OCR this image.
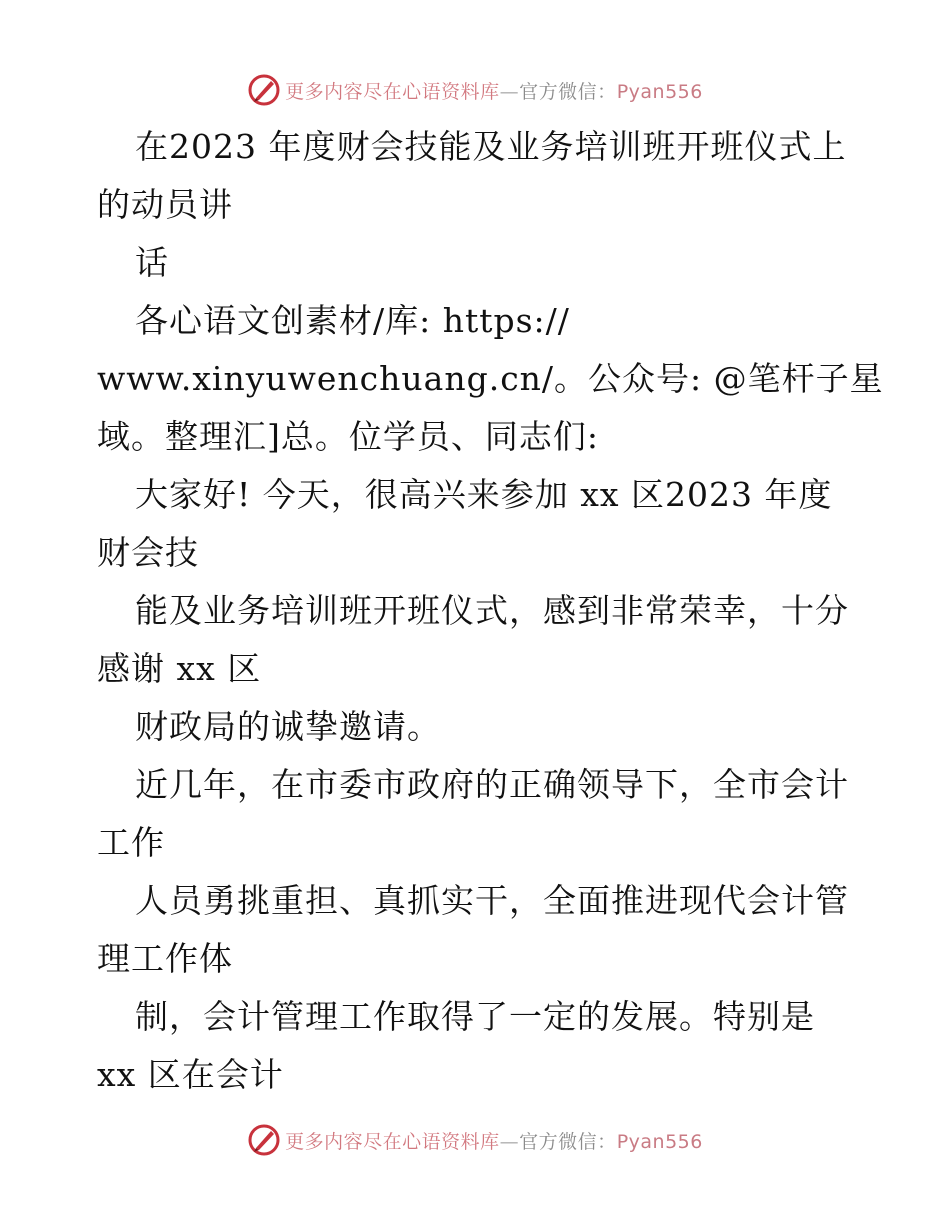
更多内容尽在心语资料库—官方微信：Pyan556
在2023 年度财会技能及业务培训班开班仪式上
的动员讲
话
各心语文创素材/库: https://
www.xinyuwenchuang.cn/。公众号: @笔杆子星
域。整理汇]总。位学员、同志们:
大家好! 今天，很高兴来参加 xx 区2023 年度
财会技
能及业务培训班开班仪式，感到非常荣幸，十分
感谢 xx 区
财政局的诚挚邀请。
近几年，在市委市政府的正确领导下，全市会计
工作
人员勇挑重担、真抓实干，全面推进现代会计管
理工作体
制，会计管理工作取得了一定的发展。特别是
xx 区在会计
更多内容尽在心语资料库—官方微信：Pyan556
